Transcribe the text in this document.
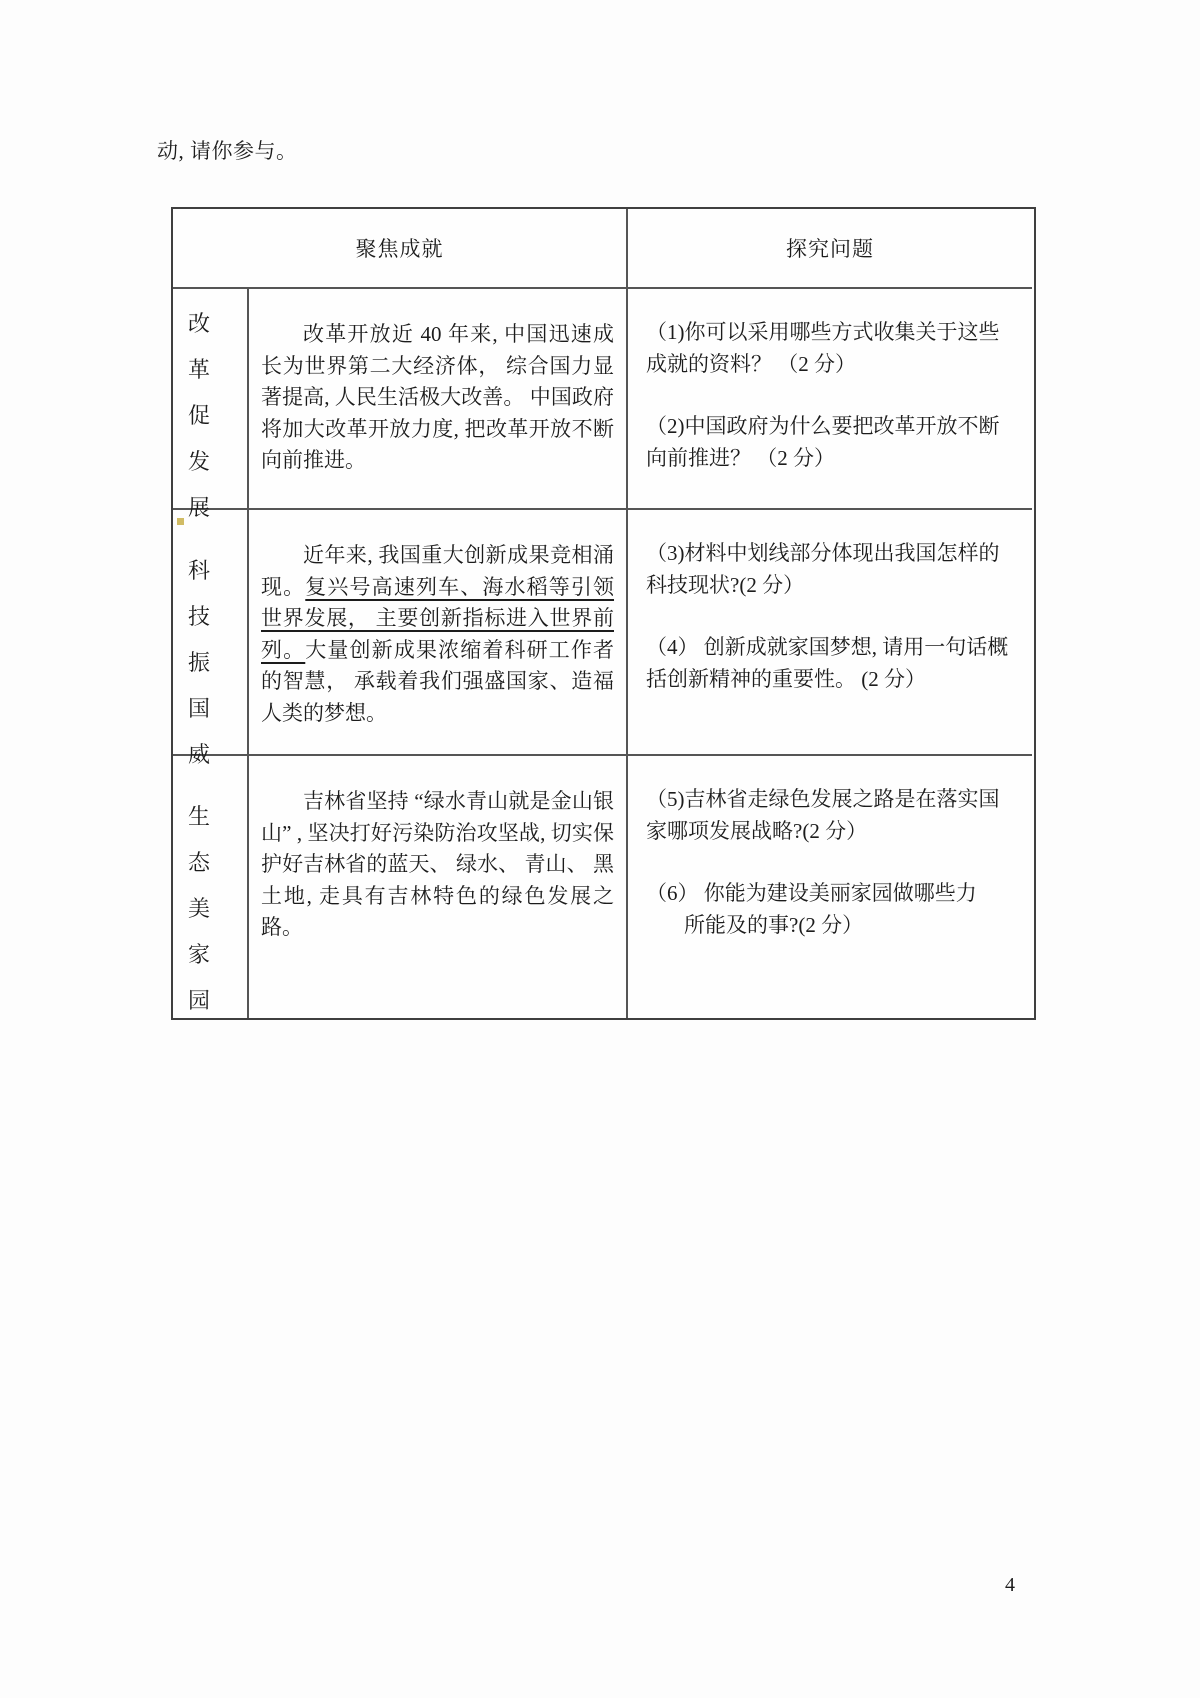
动, 请你参与。
聚焦成就	探究问题
改革促发展

改革开放近 40 年来, 中国迅速成长为世界第二大经济体， 综合国力显著提高, 人民生活极大改善。 中国政府将加大改革开放力度, 把改革开放不断向前推进。

（1)你可以采用哪些方式收集关于这些成就的资料？ （2 分）

（2)中国政府为什么要把改革开放不断向前推进？ （2 分）

科技振国威

近年来, 我国重大创新成果竞相涌现。复兴号高速列车、海水稻等引领世界发展， 主要创新指标进入世界前列。大量创新成果浓缩着科研工作者的智慧， 承载着我们强盛国家、造福人类的梦想。

（3)材料中划线部分体现出我国怎样的科技现状?(2 分）

（4） 创新成就家国梦想, 请用一句话概括创新精神的重要性。 (2 分）

生态美家园

吉林省坚持 “绿水青山就是金山银山” , 坚决打好污染防治攻坚战, 切实保护好吉林省的蓝天、 绿水、 青山、 黑土地, 走具有吉林特色的绿色发展之路。

（5)吉林省走绿色发展之路是在落实国家哪项发展战略?(2 分）

（6） 你能为建设美丽家园做哪些力
所能及的事?(2 分）

4
